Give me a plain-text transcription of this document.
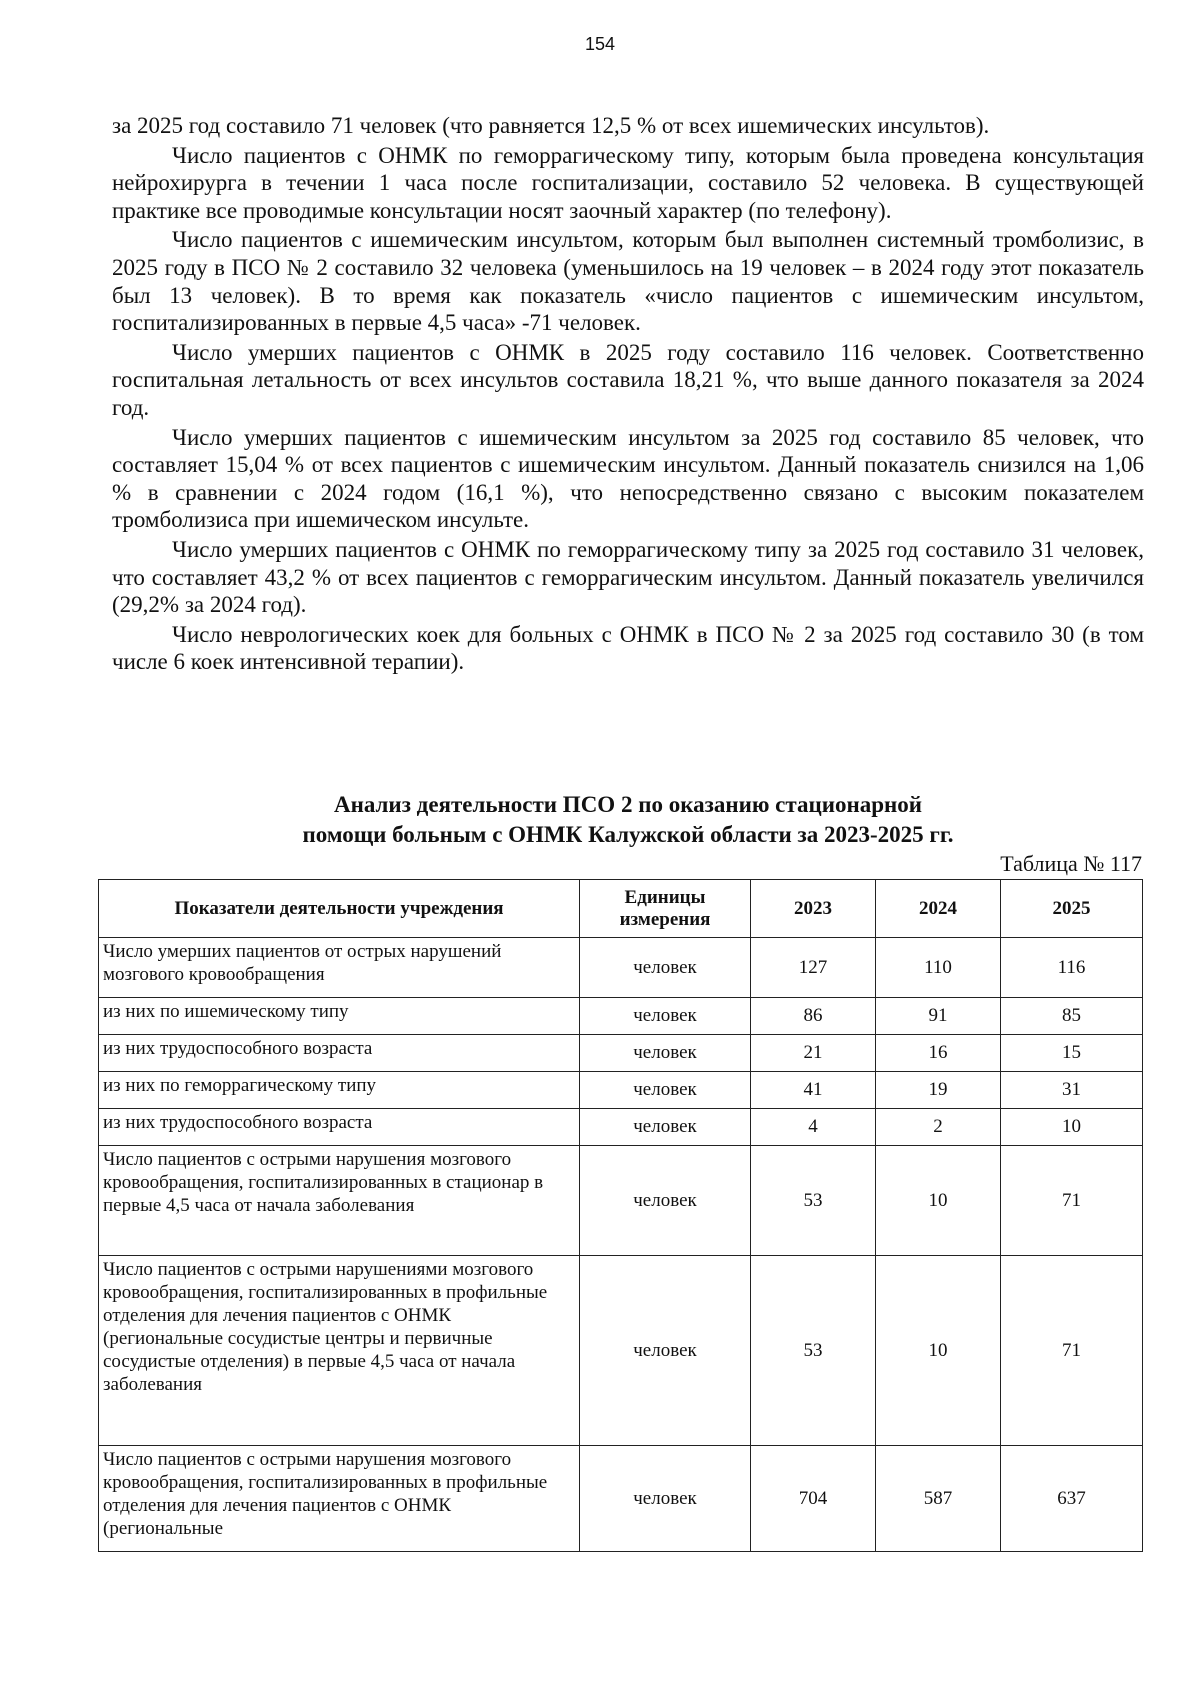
154

за 2025 год составило 71 человек (что равняется 12,5 % от всех ишемических инсультов).

Число пациентов с ОНМК по геморрагическому типу, которым была проведена консультация нейрохирурга в течении 1 часа после госпитализации, составило 52 человека. В существующей практике все проводимые консультации носят заочный характер (по телефону).

Число пациентов с ишемическим инсультом, которым был выполнен системный тромболизис, в 2025 году в ПСО № 2 составило 32 человека (уменьшилось на 19 человек – в 2024 году этот показатель был 13 человек). В то время как показатель «число пациентов с ишемическим инсультом, госпитализированных в первые 4,5 часа» -71 человек.

Число умерших пациентов с ОНМК в 2025 году составило 116 человек. Соответственно госпитальная летальность от всех инсультов составила 18,21 %, что выше данного показателя за 2024 год.

Число умерших пациентов с ишемическим инсультом за 2025 год составило 85 человек, что составляет 15,04 % от всех пациентов с ишемическим инсультом. Данный показатель снизился на 1,06 % в сравнении с 2024 годом (16,1 %), что непосредственно связано с высоким показателем тромболизиса при ишемическом инсульте.

Число умерших пациентов с ОНМК по геморрагическому типу за 2025 год составило 31 человек, что составляет 43,2 % от всех пациентов с геморрагическим инсультом. Данный показатель увеличился (29,2% за 2024 год).

Число неврологических коек для больных с ОНМК в ПСО № 2 за 2025 год составило 30 (в том числе 6 коек интенсивной терапии).

Анализ деятельности ПСО 2 по оказанию стационарной
помощи больным с ОНМК Калужской области за 2023-2025 гг.
Таблица № 117
Показатели деятельности учреждения	Единицы измерения	2023	2024	2025
Число умерших пациентов от острых нарушений мозгового кровообращения	человек	127	110	116
из них по ишемическому типу	человек	86	91	85
из них трудоспособного возраста	человек	21	16	15
из них по геморрагическому типу	человек	41	19	31
из них трудоспособного возраста	человек	4	2	10
Число пациентов с острыми нарушения мозгового кровообращения, госпитализированных в стационар в первые 4,5 часа от начала заболевания	человек	53	10	71
Число пациентов с острыми нарушениями мозгового кровообращения, госпитализированных в профильные отделения для лечения пациентов с ОНМК (региональные сосудистые центры и первичные сосудистые отделения) в первые 4,5 часа от начала заболевания	человек	53	10	71
Число пациентов с острыми нарушения мозгового кровообращения, госпитализированных в профильные отделения для лечения пациентов с ОНМК (региональные	человек	704	587	637
